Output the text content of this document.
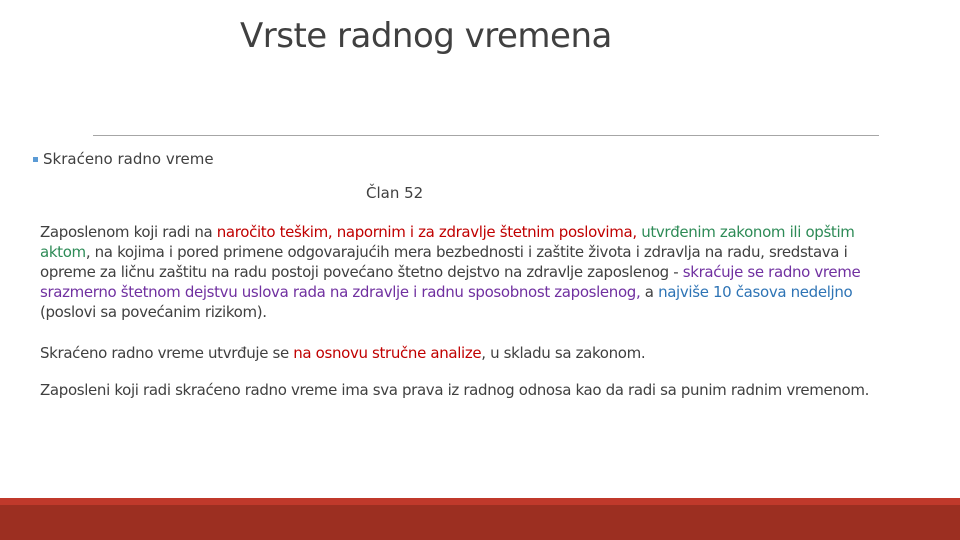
Vrste radnog vremena
Skraćeno radno vreme
Član 52

Zaposlenom koji radi na naročito teškim, napornim i za zdravlje štetnim poslovima, utvrđenim zakonom ili opštim aktom, na kojima i pored primene odgovarajućih mera bezbednosti i zaštite života i zdravlja na radu, sredstava i opreme za ličnu zaštitu na radu postoji povećano štetno dejstvo na zdravlje zaposlenog - skraćuje se radno vreme srazmerno štetnom dejstvu uslova rada na zdravlje i radnu sposobnost zaposlenog, a najviše 10 časova nedeljno (poslovi sa povećanim rizikom).

Skraćeno radno vreme utvrđuje se na osnovu stručne analize, u skladu sa zakonom.

Zaposleni koji radi skraćeno radno vreme ima sva prava iz radnog odnosa kao da radi sa punim radnim vremenom.
